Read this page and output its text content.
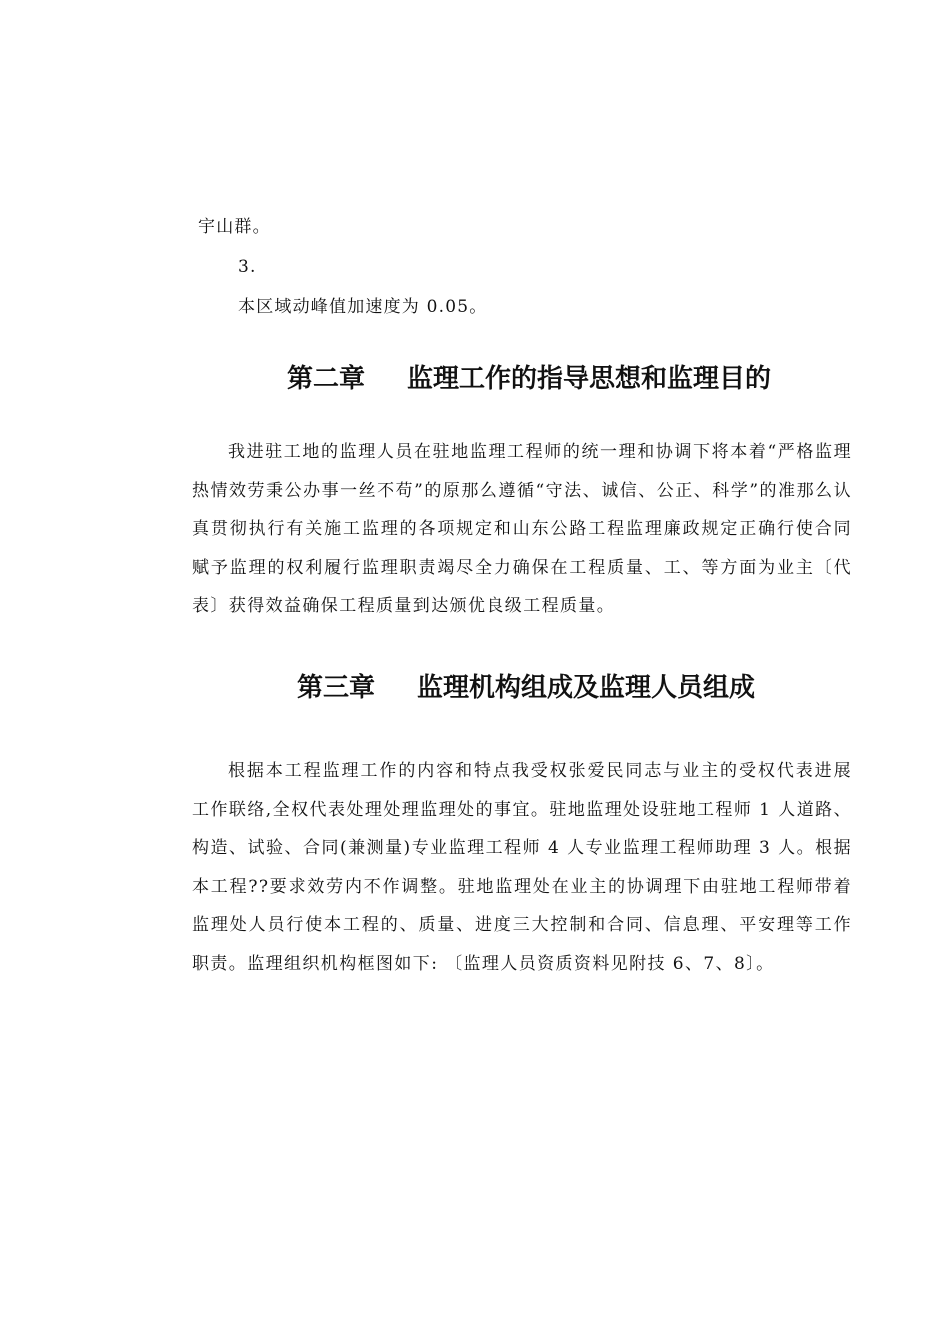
宇山群。
3.
本区域动峰值加速度为 0.05。
第二章 监理工作的指导思想和监理目的
我进驻工地的监理人员在驻地监理工程师的统一理和协调下将本着“严格监理热情效劳秉公办事一丝不苟”的原那么遵循“守法、诚信、公正、科学”的准那么认真贯彻执行有关施工监理的各项规定和山东公路工程监理廉政规定正确行使合同赋予监理的权利履行监理职责竭尽全力确保在工程质量、工、等方面为业主〔代表〕获得效益确保工程质量到达颁优良级工程质量。
第三章 监理机构组成及监理人员组成
根据本工程监理工作的内容和特点我受权张爱民同志与业主的受权代表进展工作联络,全权代表处理处理监理处的事宜。驻地监理处设驻地工程师 1 人道路、构造、试验、合同(兼测量)专业监理工程师 4 人专业监理工程师助理 3 人。根据本工程??要求效劳内不作调整。驻地监理处在业主的协调理下由驻地工程师带着监理处人员行使本工程的、质量、进度三大控制和合同、信息理、平安理等工作职责。监理组织机构框图如下: 〔监理人员资质资料见附技 6、7、8〕。
